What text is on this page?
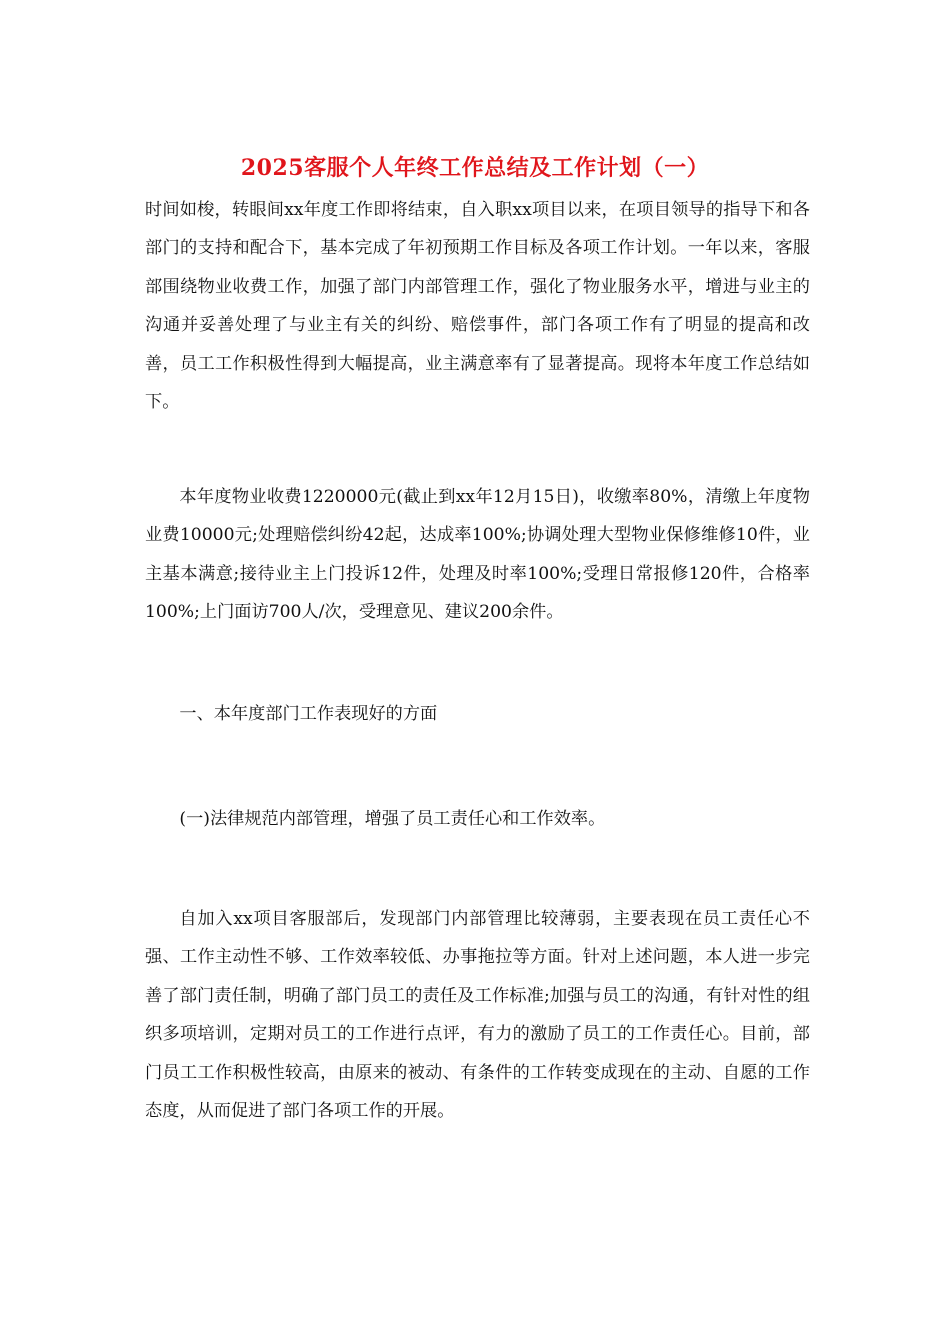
2025客服个人年终工作总结及工作计划（一）

时间如梭，转眼间xx年度工作即将结束，自入职xx项目以来，在项目领导的指导下和各部门的支持和配合下，基本完成了年初预期工作目标及各项工作计划。一年以来，客服部围绕物业收费工作，加强了部门内部管理工作，强化了物业服务水平，增进与业主的沟通并妥善处理了与业主有关的纠纷、赔偿事件，部门各项工作有了明显的提高和改善，员工工作积极性得到大幅提高，业主满意率有了显著提高。现将本年度工作总结如下。

本年度物业收费1220000元(截止到xx年12月15日)，收缴率80%，清缴上年度物业费10000元;处理赔偿纠纷42起，达成率100%;协调处理大型物业保修维修10件，业主基本满意;接待业主上门投诉12件，处理及时率100%;受理日常报修120件，合格率100%;上门面访700人/次，受理意见、建议200余件。

一、本年度部门工作表现好的方面

(一)法律规范内部管理，增强了员工责任心和工作效率。

自加入xx项目客服部后，发现部门内部管理比较薄弱，主要表现在员工责任心不强、工作主动性不够、工作效率较低、办事拖拉等方面。针对上述问题，本人进一步完善了部门责任制，明确了部门员工的责任及工作标准;加强与员工的沟通，有针对性的组织多项培训，定期对员工的工作进行点评，有力的激励了员工的工作责任心。目前，部门员工工作积极性较高，由原来的被动、有条件的工作转变成现在的主动、自愿的工作态度，从而促进了部门各项工作的开展。
